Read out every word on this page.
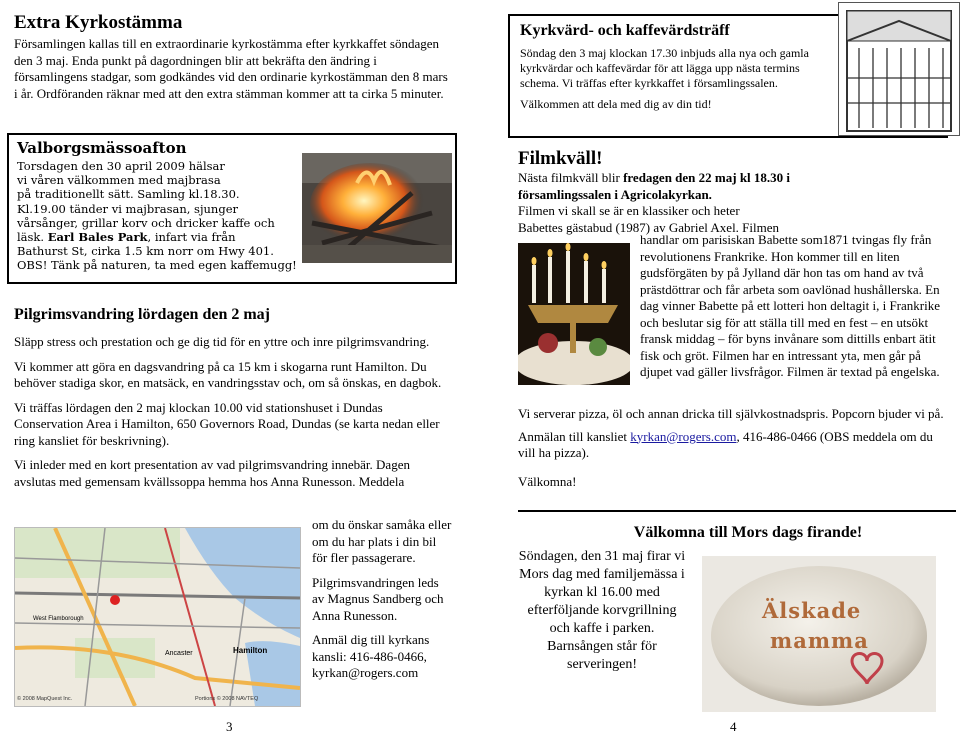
Extra Kyrkostämma
Församlingen kallas till en extraordinarie kyrkostämma efter kyrkkaffet söndagen den 3 maj. Enda punkt på dagordningen blir att bekräfta den ändring i församlingens stadgar, som godkändes vid den ordinarie kyrkostämman den 8 mars i år. Ordföranden räknar med att den extra stämman kommer att ta cirka 5 minuter.
Valborgsmässoafton
Torsdagen den 30 april 2009 hälsar
vi våren välkommen med majbrasa
på traditionellt sätt. Samling kl.18.30.
Kl.19.00 tänder vi majbrasan, sjunger
vårsånger, grillar korv och dricker kaffe och
läsk. Earl Bales Park, infart via från
Bathurst St, cirka 1.5 km norr om Hwy 401.
OBS! Tänk på naturen, ta med egen kaffemugg!
Pilgrimsvandring lördagen den 2 maj
Släpp stress och prestation och ge dig tid för en yttre och inre pilgrimsvandring.
Vi kommer att göra en dagsvandring på ca 15 km i skogarna runt Hamilton. Du behöver stadiga skor, en matsäck, en vandringsstav och, om så önskas, en dagbok.
Vi träffas lördagen den 2 maj klockan 10.00 vid stationshuset i Dundas Conservation Area i Hamilton, 650 Governors Road, Dundas (se karta nedan eller ring kansliet för beskrivning).
Vi inleder med en kort presentation av vad pilgrimsvandring innebär. Dagen avslutas med gemensam kvällssoppa hemma hos Anna Runesson. Meddela
om du önskar samåka eller om du har plats i din bil för fler passagerare.
Pilgrimsvandringen leds av Magnus Sandberg och Anna Runesson.
Anmäl dig till kyrkans kansli: 416-486-0466, kyrkan@rogers.com
West Flamborough
Ancaster	Hamilton
© 2008 MapQuest Inc.	Portions © 2008 NAVTEQ
3
Kyrkvärd- och kaffevärdsträff
Söndag den 3 maj klockan 17.30 inbjuds alla nya och gamla kyrkvärdar och kaffevärdar för att lägga upp nästa termins schema. Vi träffas efter kyrkkaffet i församlingssalen.
Välkommen att dela med dig av din tid!
Filmkväll!
Nästa filmkväll blir fredagen den 22 maj kl 18.30 i församlingssalen i Agricolakyrkan.
Filmen vi skall se är en klassiker och heter
Babettes gästabud (1987) av Gabriel Axel. Filmen
handlar om parisiskan Babette som1871 tvingas fly från revolutionens Frankrike. Hon kommer till en liten gudsförgäten by på Jylland där hon tas om hand av två prästdöttrar och får arbeta som oavlönad hushållerska. En dag vinner Babette på ett lotteri hon deltagit i, i Frankrike och beslutar sig för att ställa till med en fest – en utsökt fransk middag – för byns invånare som dittills enbart ätit fisk och gröt. Filmen har en intressant yta, men går på djupet vad gäller livsfrågor. Filmen är textad på engelska.
Vi serverar pizza, öl och annan dricka till självkostnadspris. Popcorn bjuder vi på.
Anmälan till kansliet kyrkan@rogers.com, 416-486-0466 (OBS meddela om du vill ha pizza).
Välkomna!
Välkomna till Mors dags firande!
Söndagen, den 31 maj firar vi Mors dag med familjemässa i kyrkan kl 16.00 med efterföljande korvgrillning och kaffe i parken. Barnsången står för serveringen!
Älskade
mamma
4
